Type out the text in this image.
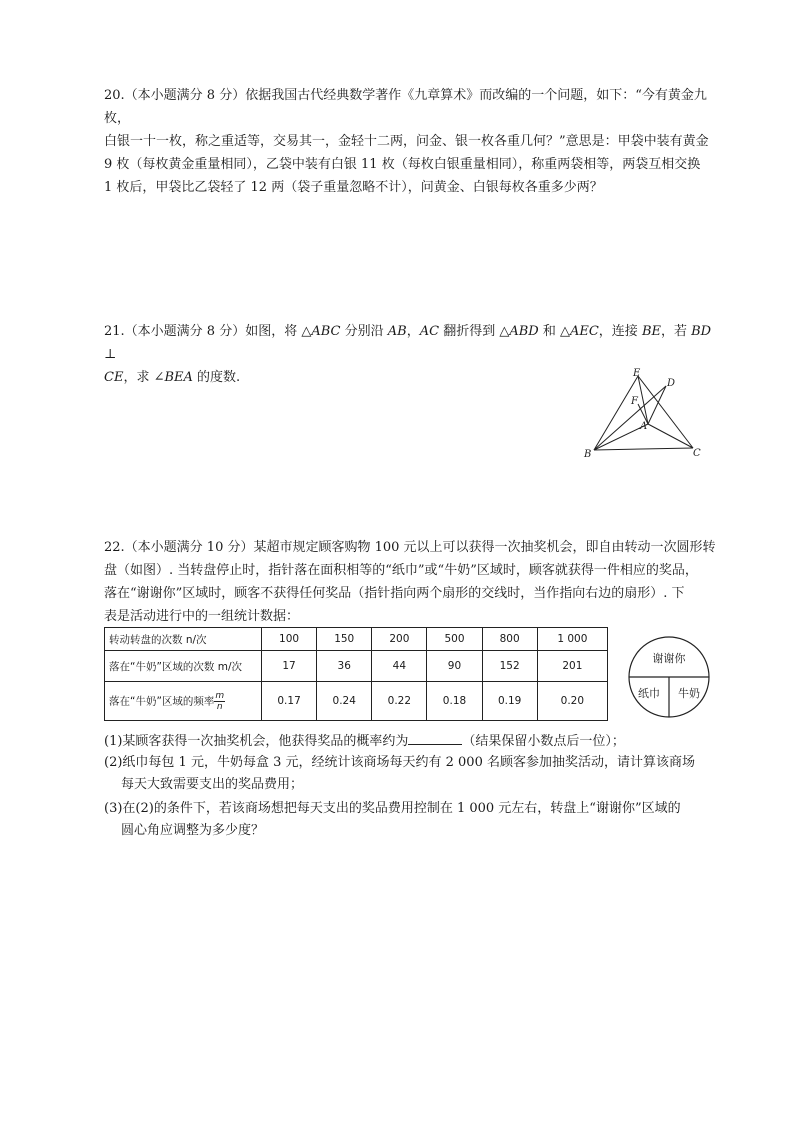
20.（本小题满分 8 分）依据我国古代经典数学著作《九章算术》而改编的一个问题，如下：“今有黄金九枚，

白银一十一枚，称之重适等，交易其一，金轻十二两，问金、银一枚各重几何？”意思是：甲袋中装有黄金

9 枚（每枚黄金重量相同），乙袋中装有白银 11 枚（每枚白银重量相同），称重两袋相等，两袋互相交换

1 枚后，甲袋比乙袋轻了 12 两（袋子重量忽略不计），问黄金、白银每枚各重多少两？

21.（本小题满分 8 分）如图，将 △ABC 分别沿 AB，AC 翻折得到 △ABD 和 △AEC，连接 BE，若 BD ⊥

CE，求 ∠BEA 的度数.	E
D
F
A
B	C

22.（本小题满分 10 分）某超市规定顾客购物 100 元以上可以获得一次抽奖机会，即自由转动一次圆形转

盘（如图）. 当转盘停止时，指针落在面积相等的“纸巾”或“牛奶”区域时，顾客就获得一件相应的奖品，

落在“谢谢你”区域时，顾客不获得任何奖品（指针指向两个扇形的交线时，当作指向右边的扇形）. 下

表是活动进行中的一组统计数据：

转动转盘的次数 n/次	100	150	200	500	800	1 000
落在“牛奶”区域的次数 m/次	17	36	44	90	152	201
落在“牛奶”区域的频率 $\frac{m}{n}$	0.17	0.24	0.22	0.18	0.19	0.20
谢谢你
纸巾 牛奶
(1)某顾客获得一次抽奖机会，他获得奖品的概率约为	（结果保留小数点后一位）；
(2)纸巾每包 1 元，牛奶每盒 3 元，经统计该商场每天约有 2 000 名顾客参加抽奖活动，请计算该商场
每天大致需要支出的奖品费用；
(3)在(2)的条件下，若该商场想把每天支出的奖品费用控制在 1 000 元左右，转盘上“谢谢你”区域的
圆心角应调整为多少度？
